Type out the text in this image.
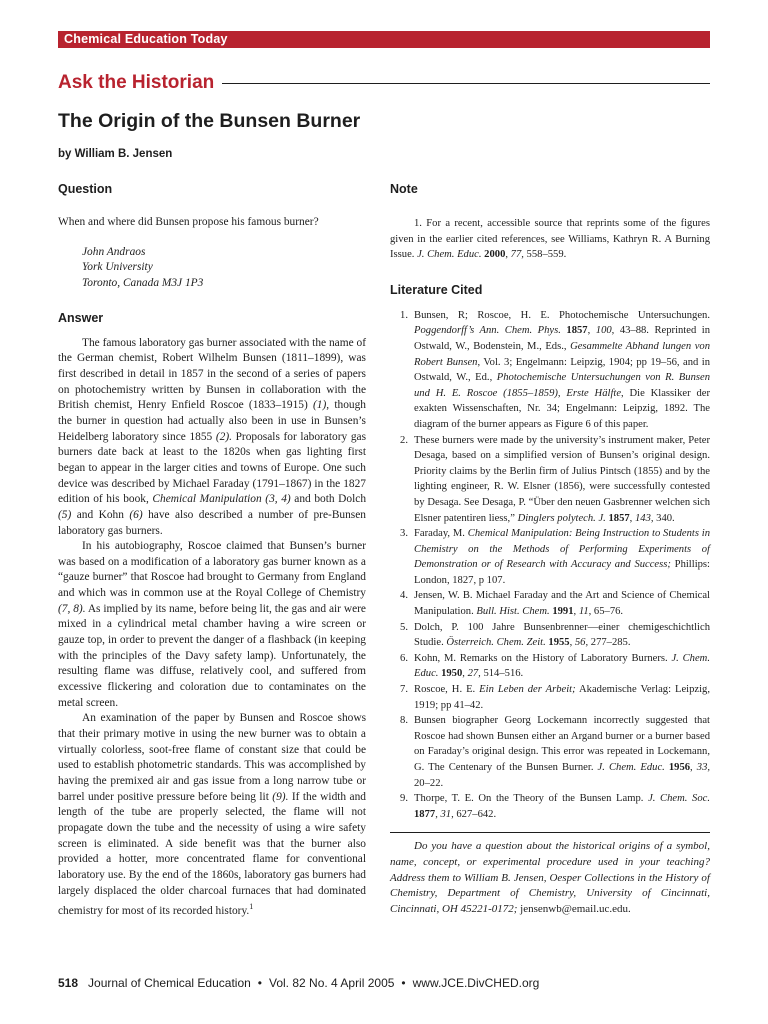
Chemical Education Today
Ask the Historian
The Origin of the Bunsen Burner
by William B. Jensen
Question

When and where did Bunsen propose his famous burner?

John Andraos
York University
Toronto, Canada M3J 1P3
Answer

The famous laboratory gas burner associated with the name of the German chemist, Robert Wilhelm Bunsen (1811–1899), was first described in detail in 1857 in the second of a series of papers on photochemistry written by Bunsen in collaboration with the British chemist, Henry Enfield Roscoe (1833–1915) (1), though the burner in question had actually also been in use in Bunsen’s Heidelberg laboratory since 1855 (2). Proposals for laboratory gas burners date back at least to the 1820s when gas lighting first began to appear in the larger cities and towns of Europe. One such device was described by Michael Faraday (1791–1867) in the 1827 edition of his book, Chemical Manipulation (3, 4) and both Dolch (5) and Kohn (6) have also described a number of pre-Bunsen laboratory gas burners.

In his autobiography, Roscoe claimed that Bunsen’s burner was based on a modification of a laboratory gas burner known as a “gauze burner” that Roscoe had brought to Germany from England and which was in common use at the Royal College of Chemistry (7, 8). As implied by its name, before being lit, the gas and air were mixed in a cylindrical metal chamber having a wire screen or gauze top, in order to prevent the danger of a flashback (in keeping with the principles of the Davy safety lamp). Unfortunately, the resulting flame was diffuse, relatively cool, and suffered from excessive flickering and coloration due to contaminates on the metal screen.

An examination of the paper by Bunsen and Roscoe shows that their primary motive in using the new burner was to obtain a virtually colorless, soot-free flame of constant size that could be used to establish photometric standards. This was accomplished by having the premixed air and gas issue from a long narrow tube or barrel under positive pressure before being lit (9). If the width and length of the tube are properly selected, the flame will not propagate down the tube and the necessity of using a wire safety screen is eliminated. A side benefit was that the burner also provided a hotter, more concentrated flame for conventional laboratory use. By the end of the 1860s, laboratory gas burners had largely displaced the older charcoal furnaces that had dominated chemistry for most of its recorded history.$^1$

Note

1. For a recent, accessible source that reprints some of the figures given in the earlier cited references, see Williams, Kathryn R. A Burning Issue. J. Chem. Educ. 2000, 77, 558–559.

Literature Cited
1. Bunsen, R; Roscoe, H. E. Photochemische Untersuchungen. Poggendorff’s Ann. Chem. Phys. 1857, 100, 43–88. Reprinted in Ostwald, W., Bodenstein, M., Eds., Gesammelte Abhand lungen von Robert Bunsen, Vol. 3; Engelmann: Leipzig, 1904; pp 19–56, and in Ostwald, W., Ed., Photochemische Untersuchungen von R. Bunsen und H. E. Roscoe (1855–1859), Erste Hälfte, Die Klassiker der exakten Wissenschaften, Nr. 34; Engelmann: Leipzig, 1892. The diagram of the burner appears as Figure 6 of this paper.
2. These burners were made by the university’s instrument maker, Peter Desaga, based on a simplified version of Bunsen’s original design. Priority claims by the Berlin firm of Julius Pintsch (1855) and by the lighting engineer, R. W. Elsner (1856), were successfully contested by Desaga. See Desaga, P. “Über den neuen Gasbrenner welchen sich Elsner patentiren liess,” Dinglers polytech. J. 1857, 143, 340.
3. Faraday, M. Chemical Manipulation: Being Instruction to Students in Chemistry on the Methods of Performing Experiments of Demonstration or of Research with Accuracy and Success; Phillips: London, 1827, p 107.
4. Jensen, W. B. Michael Faraday and the Art and Science of Chemical Manipulation. Bull. Hist. Chem. 1991, 11, 65–76.
5. Dolch, P. 100 Jahre Bunsenbrenner—einer chemigeschichtlich Studie. Österreich. Chem. Zeit. 1955, 56, 277–285.
6. Kohn, M. Remarks on the History of Laboratory Burners. J. Chem. Educ. 1950, 27, 514–516.
7. Roscoe, H. E. Ein Leben der Arbeit; Akademische Verlag: Leipzig, 1919; pp 41–42.
8. Bunsen biographer Georg Lockemann incorrectly suggested that Roscoe had shown Bunsen either an Argand burner or a burner based on Faraday’s original design. This error was repeated in Lockemann, G. The Centenary of the Bunsen Burner. J. Chem. Educ. 1956, 33, 20–22.
9. Thorpe, T. E. On the Theory of the Bunsen Lamp. J. Chem. Soc. 1877, 31, 627–642.

Do you have a question about the historical origins of a symbol, name, concept, or experimental procedure used in your teaching? Address them to William B. Jensen, Oesper Collections in the History of Chemistry, Department of Chemistry, University of Cincinnati, Cincinnati, OH 45221-0172; jensenwb@email.uc.edu.

518 Journal of Chemical Education • Vol. 82 No. 4 April 2005 • www.JCE.DivCHED.org
